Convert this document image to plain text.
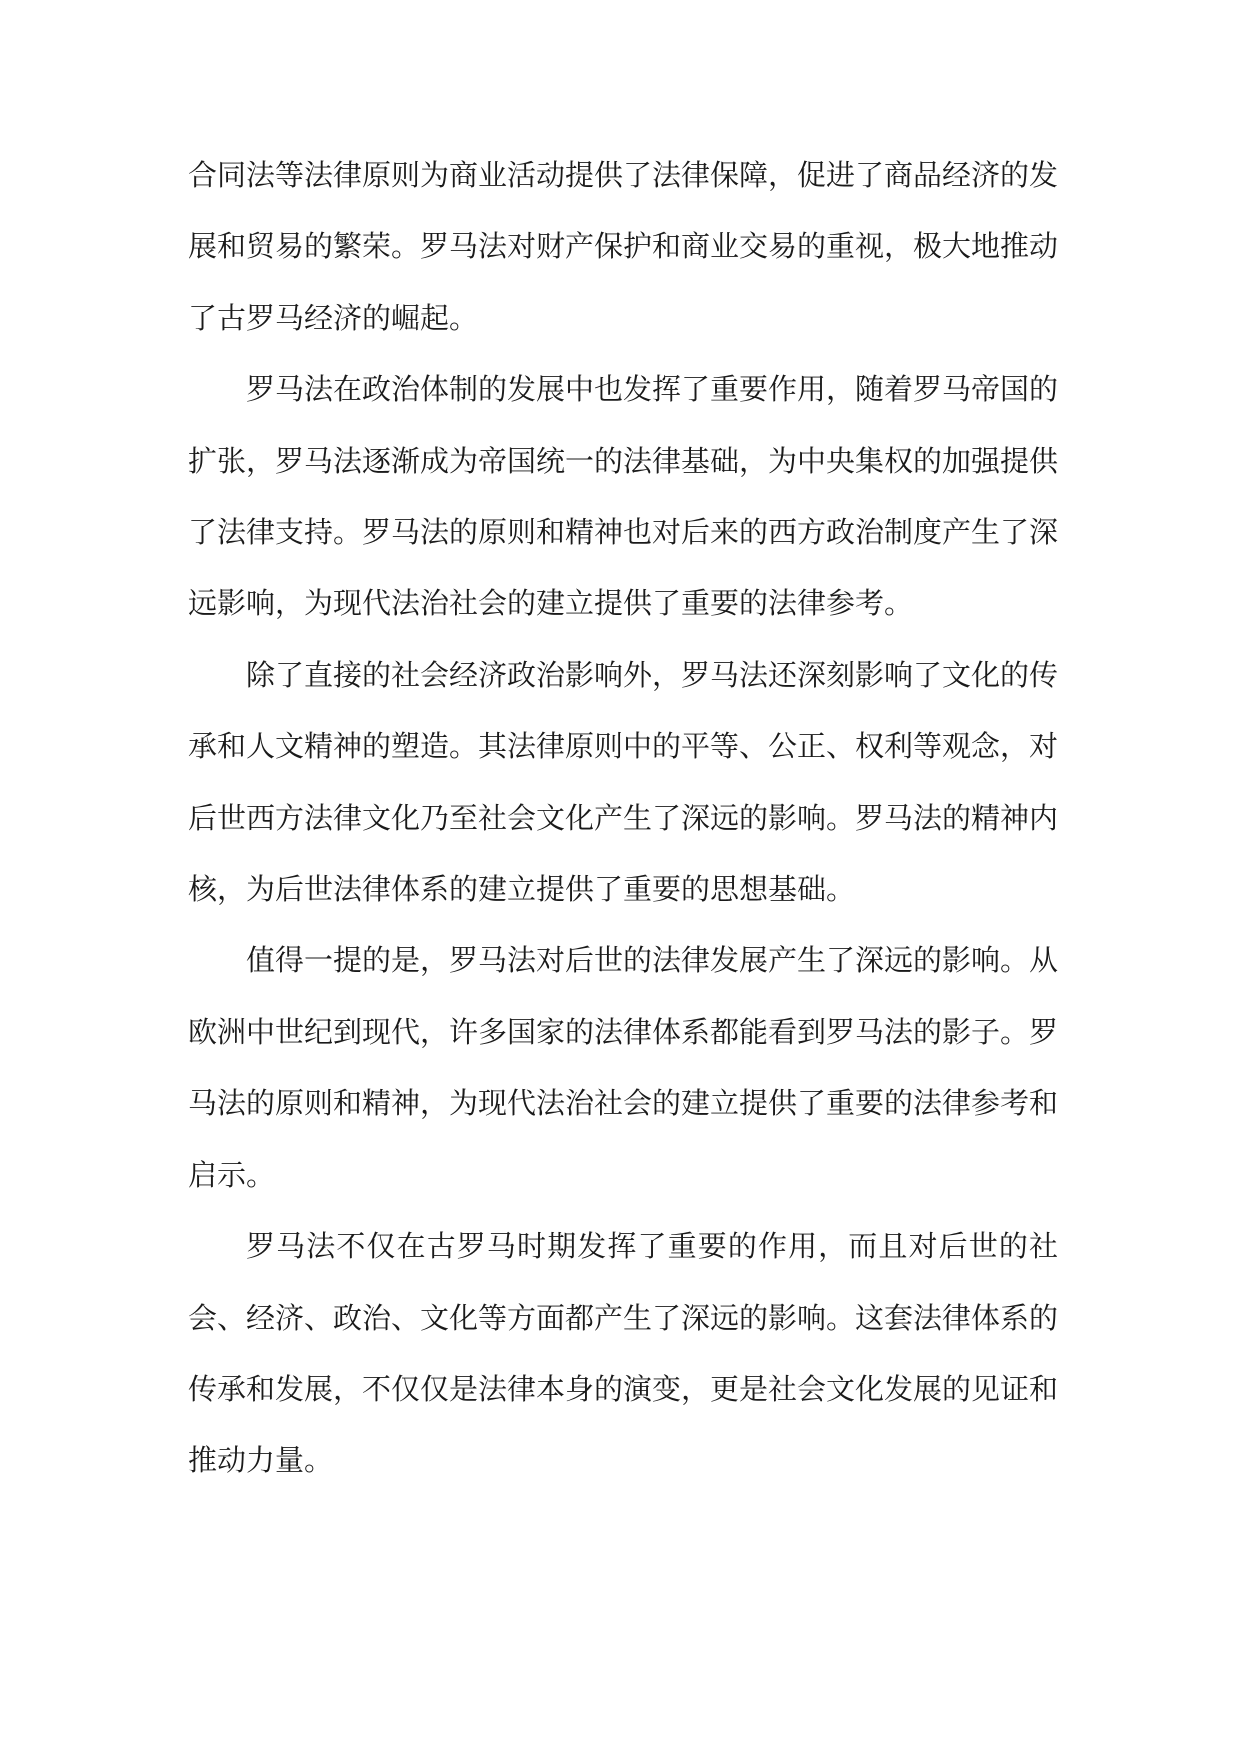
合同法等法律原则为商业活动提供了法律保障，促进了商品经济的发展和贸易的繁荣。罗马法对财产保护和商业交易的重视，极大地推动了古罗马经济的崛起。

罗马法在政治体制的发展中也发挥了重要作用，随着罗马帝国的扩张，罗马法逐渐成为帝国统一的法律基础，为中央集权的加强提供了法律支持。罗马法的原则和精神也对后来的西方政治制度产生了深远影响，为现代法治社会的建立提供了重要的法律参考。

除了直接的社会经济政治影响外，罗马法还深刻影响了文化的传承和人文精神的塑造。其法律原则中的平等、公正、权利等观念，对后世西方法律文化乃至社会文化产生了深远的影响。罗马法的精神内核，为后世法律体系的建立提供了重要的思想基础。

值得一提的是，罗马法对后世的法律发展产生了深远的影响。从欧洲中世纪到现代，许多国家的法律体系都能看到罗马法的影子。罗马法的原则和精神，为现代法治社会的建立提供了重要的法律参考和启示。

罗马法不仅在古罗马时期发挥了重要的作用，而且对后世的社会、经济、政治、文化等方面都产生了深远的影响。这套法律体系的传承和发展，不仅仅是法律本身的演变，更是社会文化发展的见证和推动力量。
